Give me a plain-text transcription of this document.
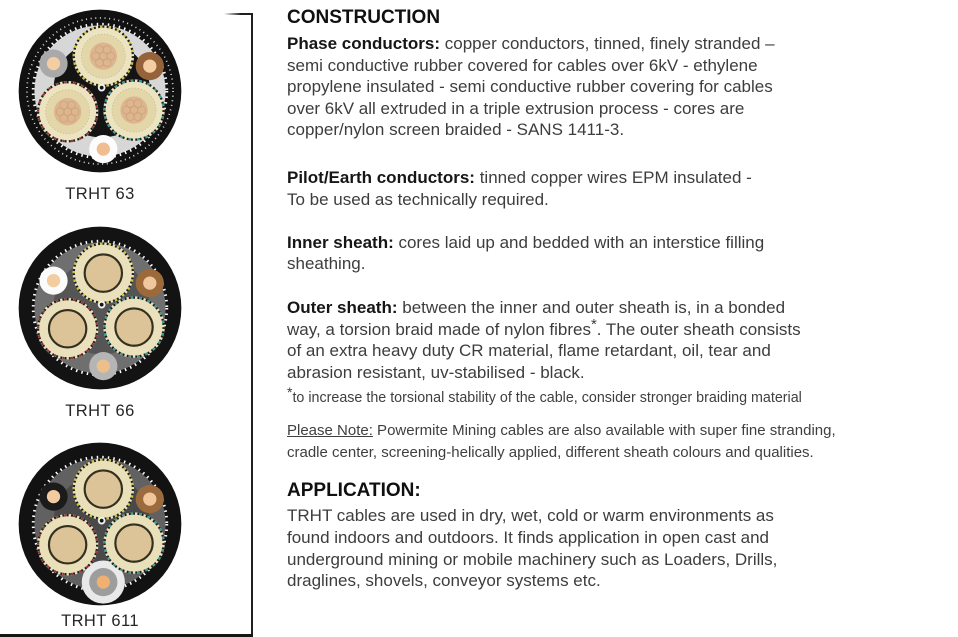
TRHT 63
TRHT 66
TRHT 611
CONSTRUCTION

Phase conductors: copper conductors, tinned, finely stranded –
semi conductive rubber covered for cables over 6kV - ethylene
propylene insulated - semi conductive rubber covering for cables
over 6kV all extruded in a triple extrusion process - cores are
copper/nylon screen braided - SANS 1411-3.

Pilot/Earth conductors: tinned copper wires EPM insulated -
To be used as technically required.

Inner sheath: cores laid up and bedded with an interstice filling
sheathing.

Outer sheath: between the inner and outer sheath is, in a bonded
way, a torsion braid made of nylon fibres*. The outer sheath consists
of an extra heavy duty CR material, flame retardant, oil, tear and
abrasion resistant, uv-stabilised - black.

*to increase the torsional stability of the cable, consider stronger braiding material

Please Note: Powermite Mining cables are also available with super fine stranding,
cradle center, screening-helically applied, different sheath colours and qualities.

APPLICATION:

TRHT cables are used in dry, wet, cold or warm environments as
found indoors and outdoors. It finds application in open cast and
underground mining or mobile machinery such as Loaders, Drills,
draglines, shovels, conveyor systems etc.
